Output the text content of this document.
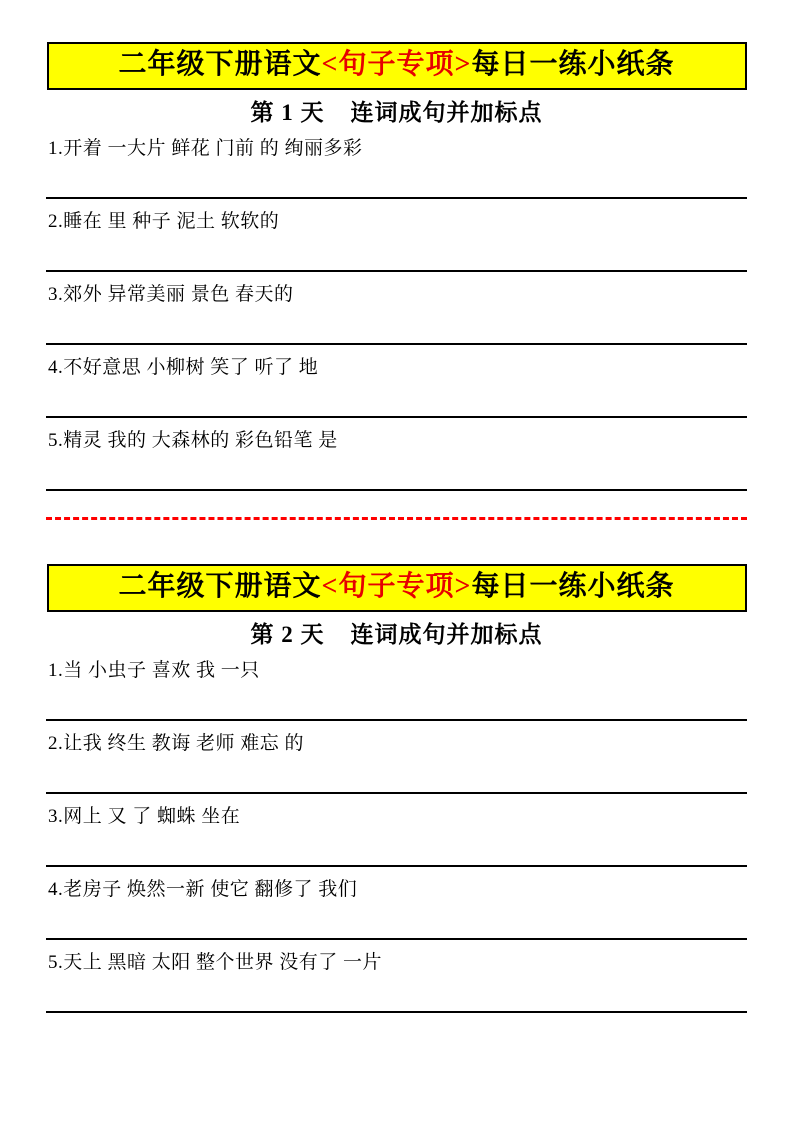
二年级下册语文<句子专项>每日一练小纸条
第 1 天 连词成句并加标点
1.开着 一大片 鲜花 门前 的 绚丽多彩
2.睡在 里 种子 泥土 软软的
3.郊外 异常美丽 景色 春天的
4.不好意思 小柳树 笑了 听了 地
5.精灵 我的 大森林的 彩色铅笔 是
二年级下册语文<句子专项>每日一练小纸条
第 2 天 连词成句并加标点
1.当 小虫子 喜欢 我 一只
2.让我 终生 教诲 老师 难忘 的
3.网上 又 了 蜘蛛 坐在
4.老房子 焕然一新 使它 翻修了 我们
5.天上 黑暗 太阳 整个世界 没有了 一片
